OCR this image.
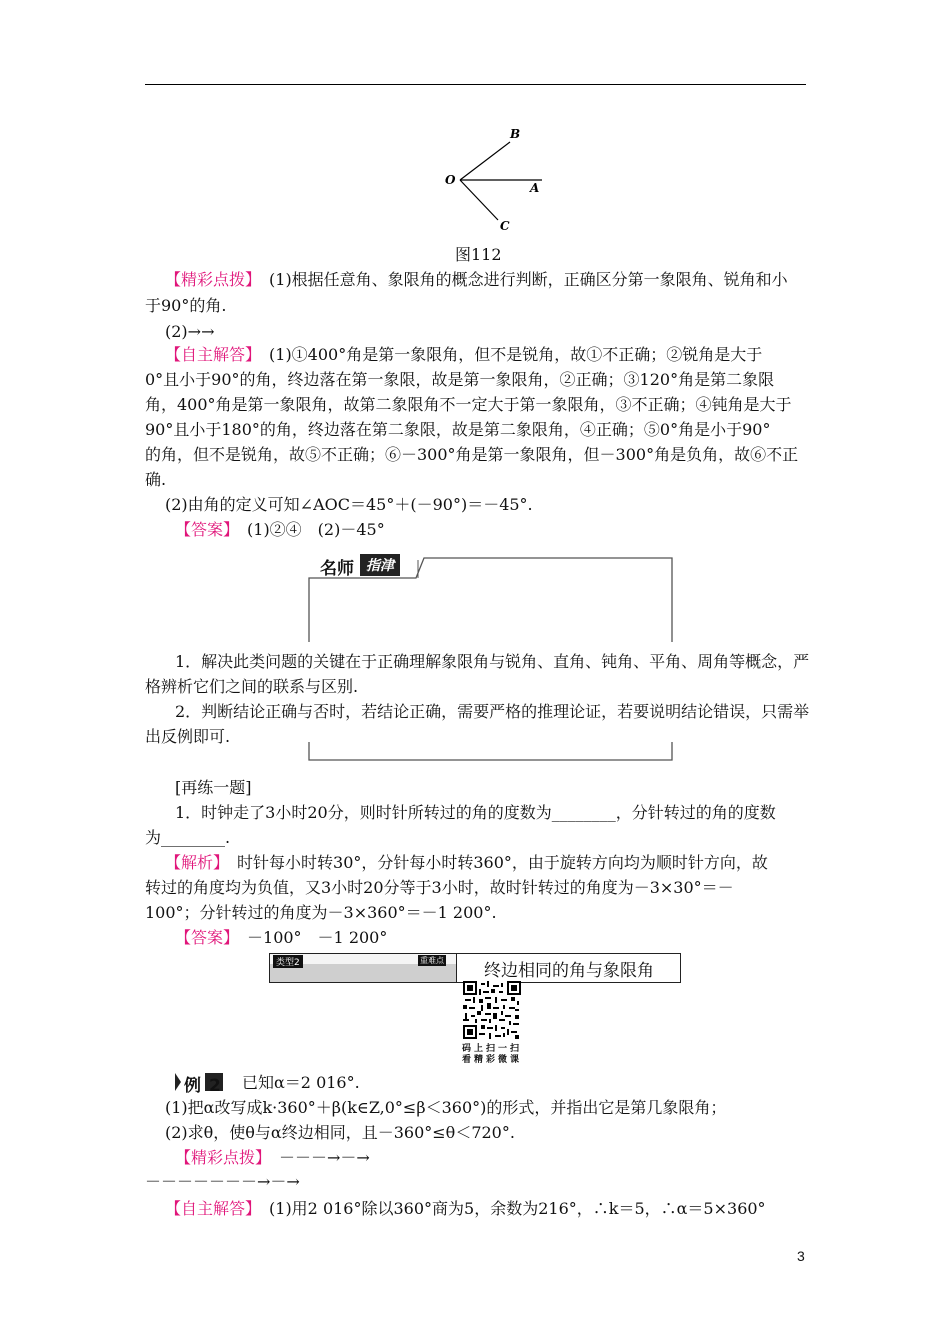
O
B
A
C
图112
【精彩点拨】　(1)根据任意角、象限角的概念进行判断，正确区分第一象限角、锐角和小
于90°的角.
(2)→→
【自主解答】　(1)①400°角是第一象限角，但不是锐角，故①不正确；②锐角是大于
0°且小于90°的角，终边落在第一象限，故是第一象限角，②正确；③120°角是第二象限
角，400°角是第一象限角，故第二象限角不一定大于第一象限角，③不正确；④钝角是大于
90°且小于180°的角，终边落在第二象限，故是第二象限角，④正确；⑤0°角是小于90°
的角，但不是锐角，故⑤不正确；⑥－300°角是第一象限角，但－300°角是负角，故⑥不正
确.
(2)由角的定义可知∠AOC＝45°＋(－90°)＝－45°.
【答案】　(1)②④　(2)－45°
名师 指津
1．解决此类问题的关键在于正确理解象限角与锐角、直角、钝角、平角、周角等概念，严
格辨析它们之间的联系与区别.
2．判断结论正确与否时，若结论正确，需要严格的推理论证，若要说明结论错误，只需举
出反例即可.
[再练一题]
1．时钟走了3小时20分，则时针所转过的角的度数为________，分针转过的角的度数
为________.
【解析】　时针每小时转30°，分针每小时转360°，由于旋转方向均为顺时针方向，故
转过的角度均为负值，又3小时20分等于3小时，故时针转过的角度为－3×30°＝－
100°；分针转过的角度为－3×360°＝－1 200°.
【答案】　－100°　－1 200°
类型2	重难点
终边相同的角与象限角
码上扫一扫
看精彩微课
例2 已知α＝2 016°.
(1)把α改写成k·360°＋β(k∈Z,0°≤β＜360°)的形式，并指出它是第几象限角；
(2)求θ，使θ与α终边相同，且－360°≤θ＜720°.
【精彩点拨】　－－－→－→
－－－－－－－→－→
【自主解答】　(1)用2 016°除以360°商为5，余数为216°，∴k＝5，∴α＝5×360°
3
